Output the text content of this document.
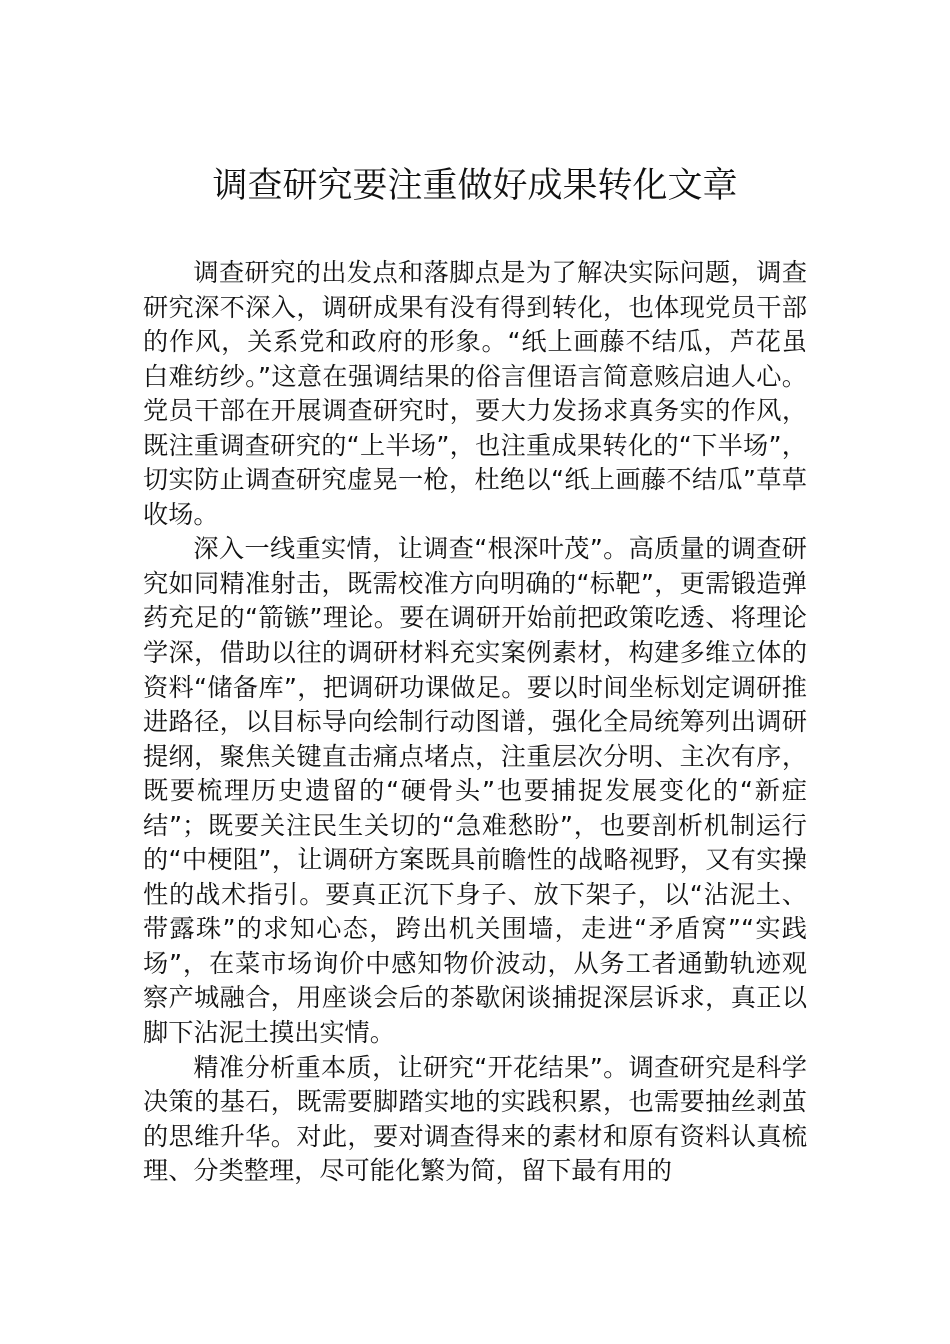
调查研究要注重做好成果转化文章

调查研究的出发点和落脚点是为了解决实际问题，调查研究深不深入，调研成果有没有得到转化，也体现党员干部的作风，关系党和政府的形象。“纸上画藤不结瓜，芦花虽白难纺纱。”这意在强调结果的俗言俚语言简意赅启迪人心。党员干部在开展调查研究时，要大力发扬求真务实的作风，既注重调查研究的“上半场”，也注重成果转化的“下半场”，切实防止调查研究虚晃一枪，杜绝以“纸上画藤不结瓜”草草收场。

深入一线重实情，让调查“根深叶茂”。高质量的调查研究如同精准射击，既需校准方向明确的“标靶”，更需锻造弹药充足的“箭镞”理论。要在调研开始前把政策吃透、将理论学深，借助以往的调研材料充实案例素材，构建多维立体的资料“储备库”，把调研功课做足。要以时间坐标划定调研推进路径，以目标导向绘制行动图谱，强化全局统筹列出调研提纲，聚焦关键直击痛点堵点，注重层次分明、主次有序，既要梳理历史遗留的“硬骨头”也要捕捉发展变化的“新症结”；既要关注民生关切的“急难愁盼”，也要剖析机制运行的“中梗阻”，让调研方案既具前瞻性的战略视野，又有实操性的战术指引。要真正沉下身子、放下架子，以“沾泥土、带露珠”的求知心态，跨出机关围墙，走进“矛盾窝”“实践场”，在菜市场询价中感知物价波动，从务工者通勤轨迹观察产城融合，用座谈会后的茶歇闲谈捕捉深层诉求，真正以脚下沾泥土摸出实情。

精准分析重本质，让研究“开花结果”。调查研究是科学决策的基石，既需要脚踏实地的实践积累，也需要抽丝剥茧的思维升华。对此，要对调查得来的素材和原有资料认真梳理、分类整理，尽可能化繁为简，留下最有用的
